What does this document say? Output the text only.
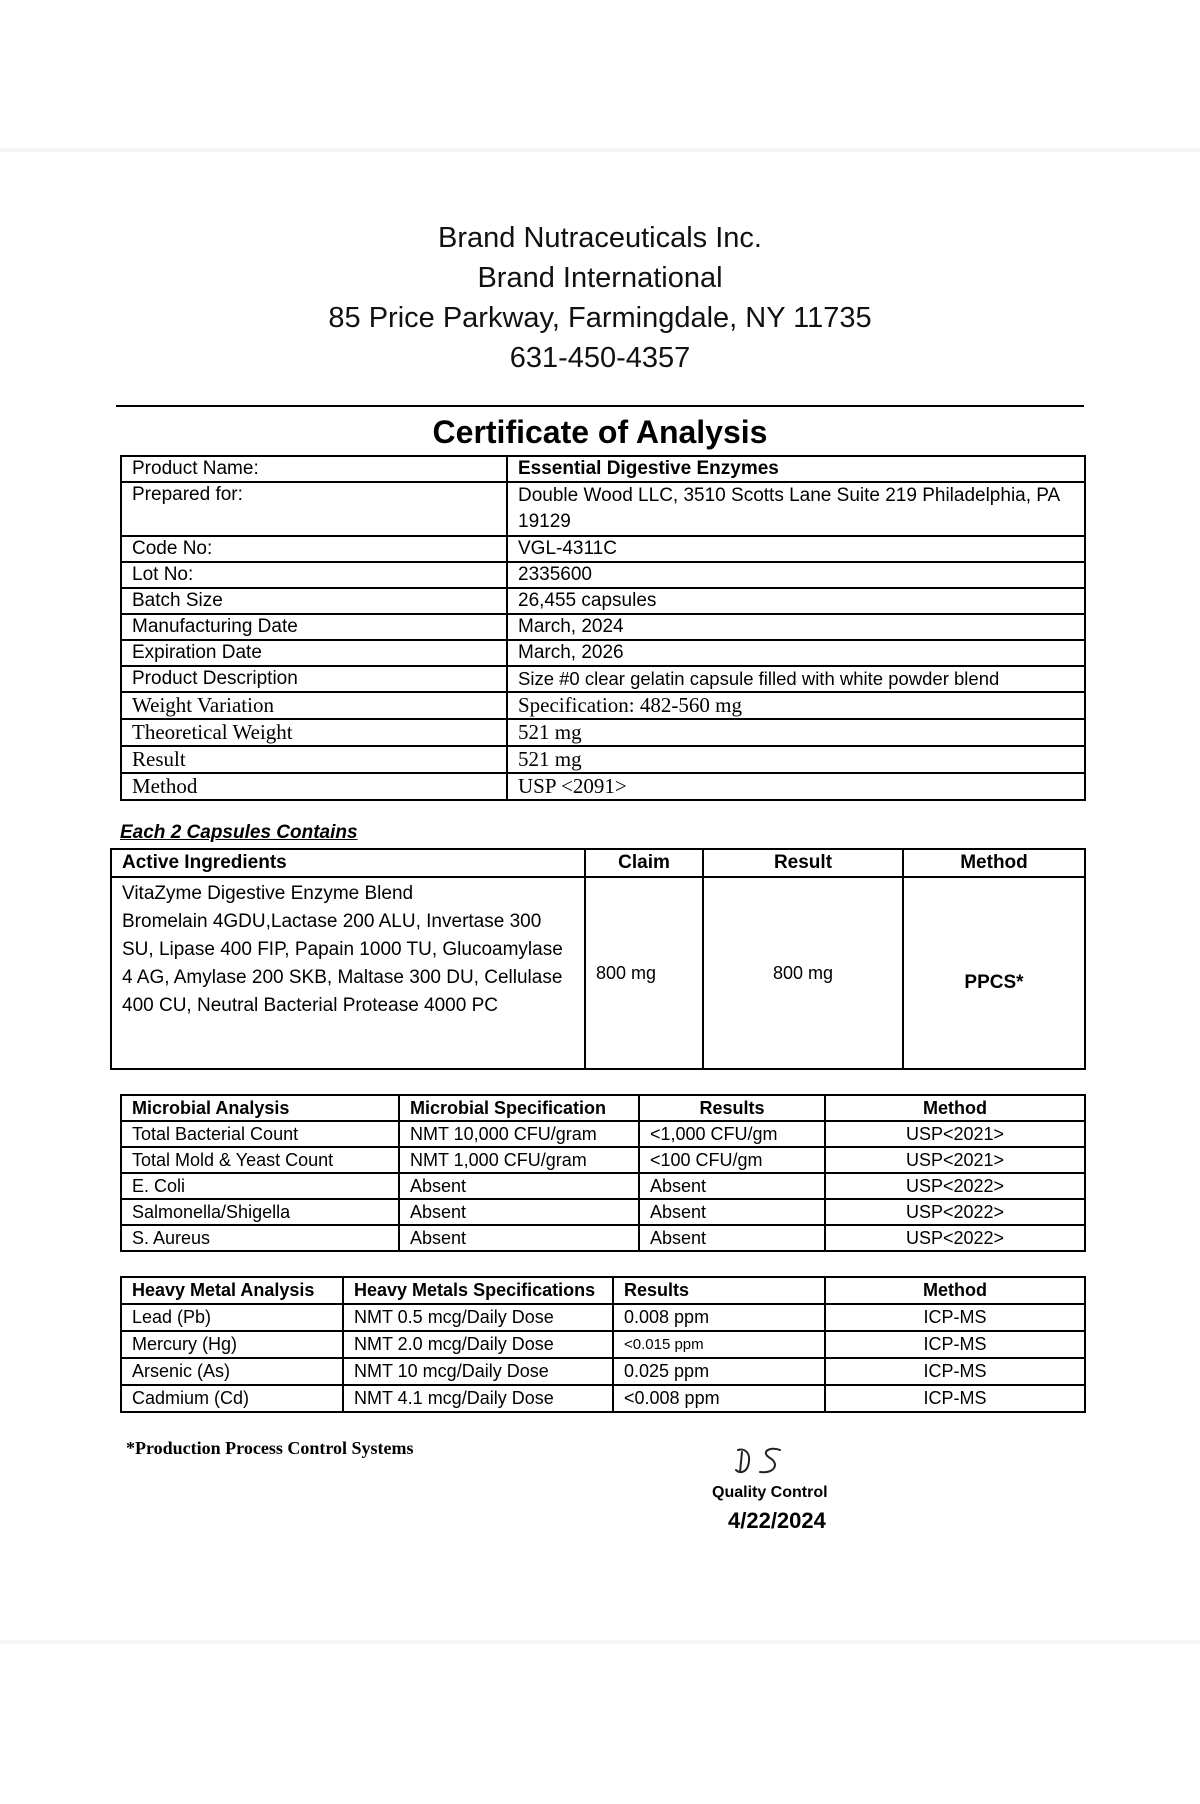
Brand Nutraceuticals Inc.
Brand International
85 Price Parkway, Farmingdale, NY 11735
631-450-4357
Certificate of Analysis
Product Name:	Essential Digestive Enzymes
Prepared for:	Double Wood LLC, 3510 Scotts Lane Suite 219 Philadelphia, PA 19129
Code No:	VGL-4311C
Lot No:	2335600
Batch Size	26,455 capsules
Manufacturing Date	March, 2024
Expiration Date	March, 2026
Product Description	Size #0 clear gelatin capsule filled with white powder blend
Weight Variation	Specification: 482-560 mg
Theoretical Weight	521 mg
Result	521 mg
Method	USP <2091>
Each 2 Capsules Contains
Active Ingredients	Claim	Result	Method

VitaZyme Digestive Enzyme Blend
Bromelain 4GDU,Lactase 200 ALU, Invertase 300 SU, Lipase 400 FIP, Papain 1000 TU, Glucoamylase 4 AG, Amylase 200 SKB, Maltase 300 DU, Cellulase 400 CU, Neutral Bacterial Protease 4000 PC	800 mg	800 mg	PPCS*
Microbial Analysis	Microbial Specification	Results	Method
Total Bacterial Count	NMT 10,000 CFU/gram	<1,000 CFU/gm	USP<2021>
Total Mold & Yeast Count	NMT 1,000 CFU/gram	<100 CFU/gm	USP<2021>
E. Coli	Absent	Absent	USP<2022>
Salmonella/Shigella	Absent	Absent	USP<2022>
S. Aureus	Absent	Absent	USP<2022>
Heavy Metal Analysis	Heavy Metals Specifications	Results	Method
Lead (Pb)	NMT 0.5 mcg/Daily Dose	0.008 ppm	ICP-MS
Mercury (Hg)	NMT 2.0 mcg/Daily Dose	<0.015 ppm	ICP-MS
Arsenic (As)	NMT 10 mcg/Daily Dose	0.025 ppm	ICP-MS
Cadmium (Cd)	NMT 4.1 mcg/Daily Dose	<0.008 ppm	ICP-MS
*Production Process Control Systems
Quality Control
4/22/2024
